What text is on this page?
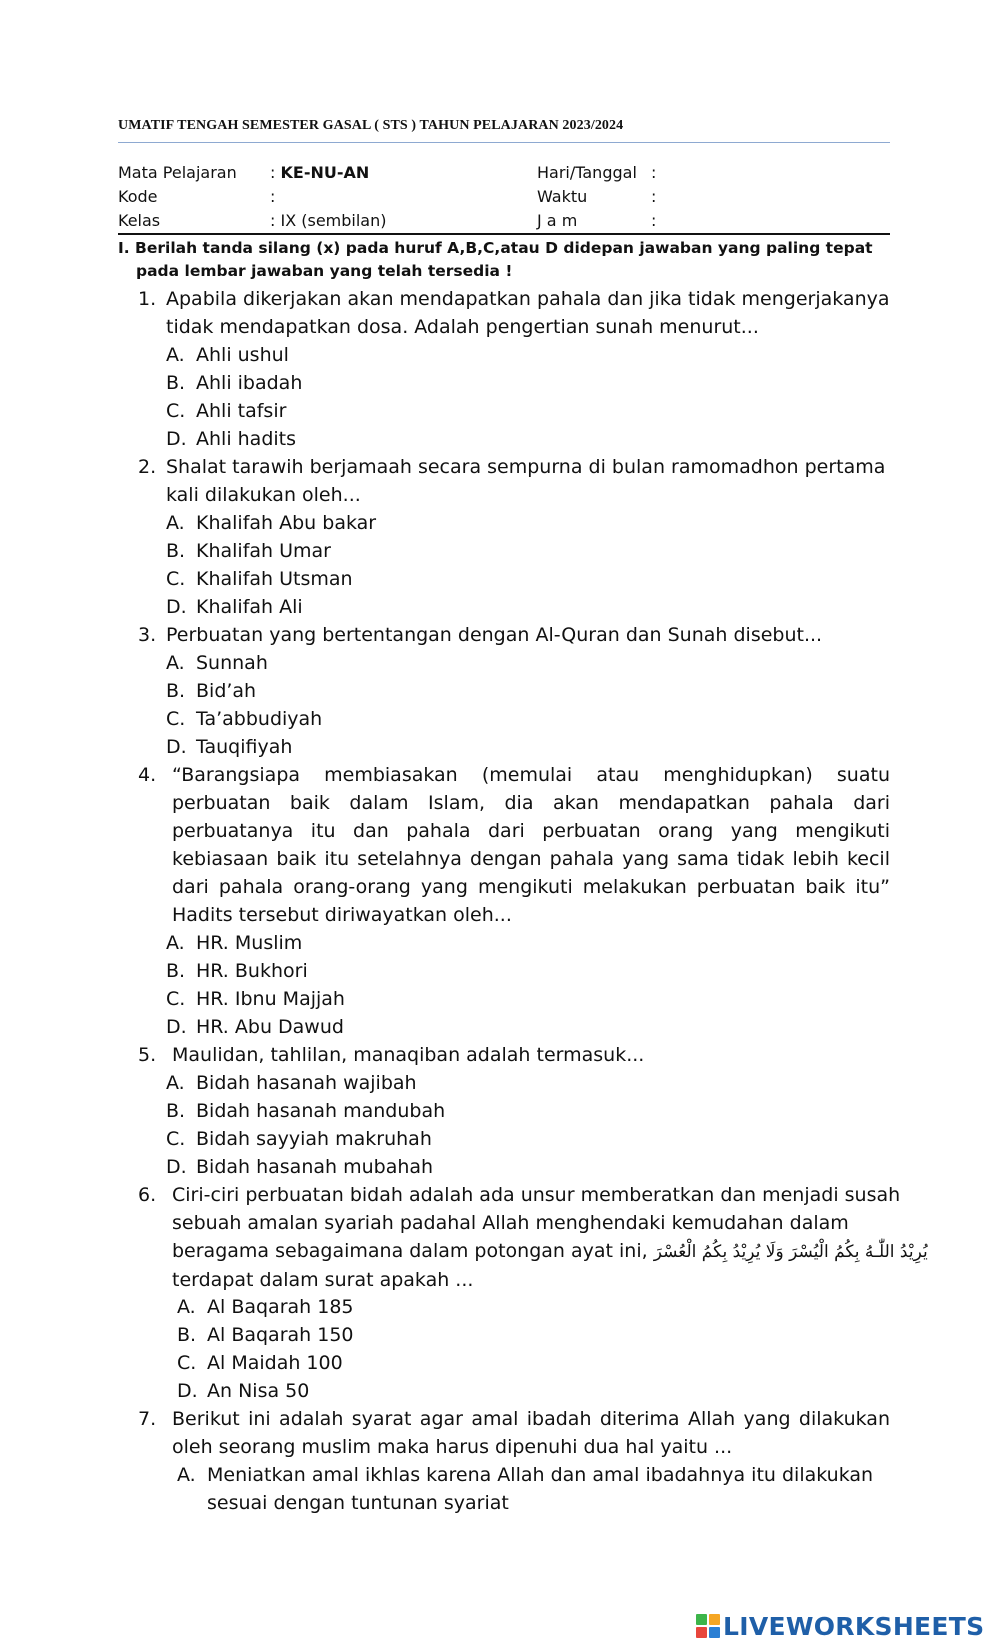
UMATIF TENGAH SEMESTER GASAL ( STS ) TAHUN PELAJARAN 2023/2024
Mata Pelajaran : KE-NU-AN	Hari/Tanggal :
Kode	:	Waktu	:
Kelas	: IX (sembilan)	J a m	:
I. Berilah tanda silang (x) pada huruf A,B,C,atau D didepan jawaban yang paling tepat
pada lembar jawaban yang telah tersedia !
1. Apabila dikerjakan akan mendapatkan pahala dan jika tidak mengerjakanya tidak mendapatkan dosa. Adalah pengertian sunah menurut...
A. Ahli ushul
B. Ahli ibadah
C. Ahli tafsir
D. Ahli hadits
2. Shalat tarawih berjamaah secara sempurna di bulan ramomadhon pertama kali dilakukan oleh...
A. Khalifah Abu bakar
B. Khalifah Umar
C. Khalifah Utsman
D. Khalifah Ali
3. Perbuatan yang bertentangan dengan Al-Quran dan Sunah disebut...
A. Sunnah
B. Bid’ah
C. Ta’abbudiyah
D. Tauqifiyah
4. “Barangsiapa membiasakan (memulai atau menghidupkan) suatu perbuatan baik dalam Islam, dia akan mendapatkan pahala dari perbuatanya itu dan pahala dari perbuatan orang yang mengikuti kebiasaan baik itu setelahnya dengan pahala yang sama tidak lebih kecil dari pahala orang-orang yang mengikuti melakukan perbuatan baik itu” Hadits tersebut diriwayatkan oleh...
A. HR. Muslim
B. HR. Bukhori
C. HR. Ibnu Majjah
D. HR. Abu Dawud
5. Maulidan, tahlilan, manaqiban adalah termasuk...
A. Bidah hasanah wajibah
B. Bidah hasanah mandubah
C. Bidah sayyiah makruhah
D. Bidah hasanah mubahah
6. Ciri-ciri perbuatan bidah adalah ada unsur memberatkan dan menjadi susah
sebuah amalan syariah padahal Allah menghendaki kemudahan dalam
beragama sebagaimana dalam potongan ayat ini, يُرِيْدُ اللّٰـهُ بِكُمُ الْيُسْرَ وَلَا يُرِيْدُ بِكُمُ الْعُسْرَ
terdapat dalam surat apakah ...
A. Al Baqarah 185
B. Al Baqarah 150
C. Al Maidah 100
D. An Nisa 50
7. Berikut ini adalah syarat agar amal ibadah diterima Allah yang dilakukan oleh seorang muslim maka harus dipenuhi dua hal yaitu ...
A. Meniatkan amal ikhlas karena Allah dan amal ibadahnya itu dilakukan sesuai dengan tuntunan syariat
LIVEWORKSHEETS
